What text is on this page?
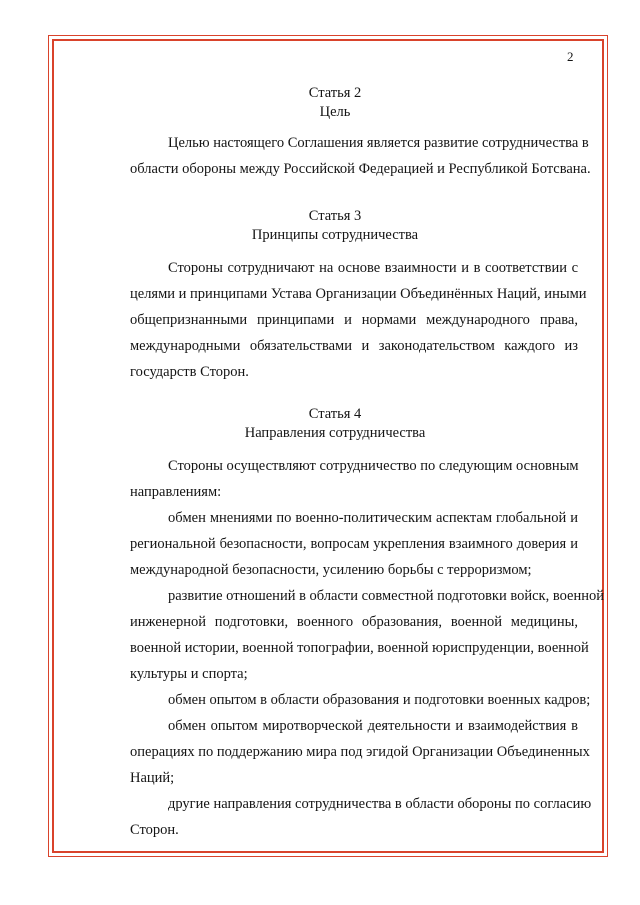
2
Статья 2
Цель

Целью настоящего Соглашения является развитие сотрудничества в
области обороны между Российской Федерацией и Республикой Ботсвана.

Статья 3
Принципы сотрудничества

Стороны сотрудничают на основе взаимности и в соответствии с
целями и принципами Устава Организации Объединённых Наций, иными
общепризнанными принципами и нормами международного права,
международными обязательствами и законодательством каждого из
государств Сторон.

Статья 4
Направления сотрудничества

Стороны осуществляют сотрудничество по следующим основным
направлениям:

обмен мнениями по военно-политическим аспектам глобальной и
региональной безопасности, вопросам укрепления взаимного доверия и
международной безопасности, усилению борьбы с терроризмом;

развитие отношений в области совместной подготовки войск, военной
инженерной подготовки, военного образования, военной медицины,
военной истории, военной топографии, военной юриспруденции, военной
культуры и спорта;

обмен опытом в области образования и подготовки военных кадров;

обмен опытом миротворческой деятельности и взаимодействия в
операциях по поддержанию мира под эгидой Организации Объединенных
Наций;

другие направления сотрудничества в области обороны по согласию
Сторон.
